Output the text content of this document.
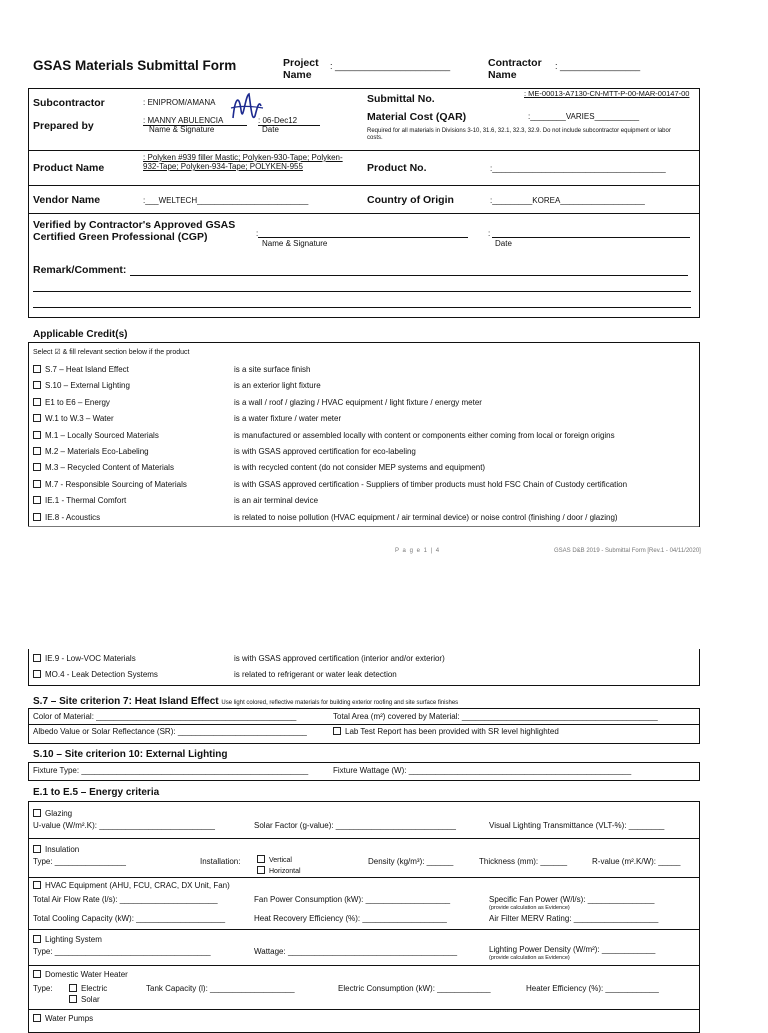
GSAS Materials Submittal Form	Project
Name
: _______________________	Contractor
Name
: ________________
Subcontractor	: ENIPROM/AMANA
Prepared by	: MANNY ABULENCIA
Name & Signature
: 06-Dec12
Date
Submittal No.	: ME-00013-A7130-CN-MTT-P-00-MAR-00147-00
Material Cost (QAR)	:________VARIES__________
Required for all materials in Divisions 3-10, 31.6, 32.1, 32.3, 32.9. Do not include subcontractor equipment or labor costs.
Product Name
: Polyken #939 filler Mastic; Polyken-930-Tape; Polyken-932-Tape; Polyken-934-Tape; POLYKEN-955	Product No.	:_______________________________________
Vendor Name	:___WELTECH_________________________	Country of Origin	:_________KOREA___________________
Verified by Contractor's Approved GSAS
Certified Green Professional (CGP)	:
Name & Signature
:
Date
Remark/Comment:
Applicable Credit(s)
Select ☑ & fill relevant section below if the product
S.7 – Heat Island Effect	is a site surface finish
S.10 – External Lighting	is an exterior light fixture
E1 to E6 – Energy	is a wall / roof / glazing / HVAC equipment / light fixture / energy meter
W.1 to W.3 – Water	is a water fixture / water meter
M.1 – Locally Sourced Materials	is manufactured or assembled locally with content or components either coming from local or foreign origins
M.2 – Materials Eco-Labeling	is with GSAS approved certification for eco-labeling
M.3 – Recycled Content of Materials	is with recycled content (do not consider MEP systems and equipment)
M.7 - Responsible Sourcing of Materials	is with GSAS approved certification - Suppliers of timber products must hold FSC Chain of Custody certification
IE.1 - Thermal Comfort	is an air terminal device
IE.8 - Acoustics	is related to noise pollution (HVAC equipment / air terminal device) or noise control (finishing / door / glazing)
P a g e 1 | 4	GSAS D&B 2019 - Submittal Form [Rev.1 - 04/11/2020]
IE.9 - Low-VOC Materials	is with GSAS approved certification (interior and/or exterior)
MO.4 - Leak Detection Systems	is related to refrigerant or water leak detection
S.7 – Site criterion 7: Heat Island Effect Use light colored, reflective materials for building exterior roofing and site surface finishes
Color of Material: _____________________________________________	Total Area (m²) covered by Material: ____________________________________________
Albedo Value or Solar Reflectance (SR): _____________________________	Lab Test Report has been provided with SR level highlighted
S.10 – Site criterion 10: External Lighting
Fixture Type: ___________________________________________________	Fixture Wattage (W): __________________________________________________
E.1 to E.5 – Energy criteria
Glazing
U-value (W/m².K): __________________________	Solar Factor (g-value): ___________________________	Visual Lighting Transmittance (VLT-%): ________
Insulation
Type: ________________	Installation:	Vertical
Horizontal
Density (kg/m³): ______	Thickness (mm): ______	R-value (m².K/W): _____
HVAC Equipment (AHU, FCU, CRAC, DX Unit, Fan)
Total Air Flow Rate (l/s): ______________________	Fan Power Consumption (kW): ___________________	Specific Fan Power (W/l/s): _______________
(provide calculation as Evidence)
Total Cooling Capacity (kW): ____________________	Heat Recovery Efficiency (%): ___________________	Air Filter MERV Rating: ___________________
Lighting System
Type: ___________________________________	Wattage: ______________________________________	Lighting Power Density (W/m²): ____________
(provide calculation as Evidence)
Domestic Water Heater
Type:	Electric
Solar
Tank Capacity (l): ___________________	Electric Consumption (kW): ____________	Heater Efficiency (%): ____________
Water Pumps
